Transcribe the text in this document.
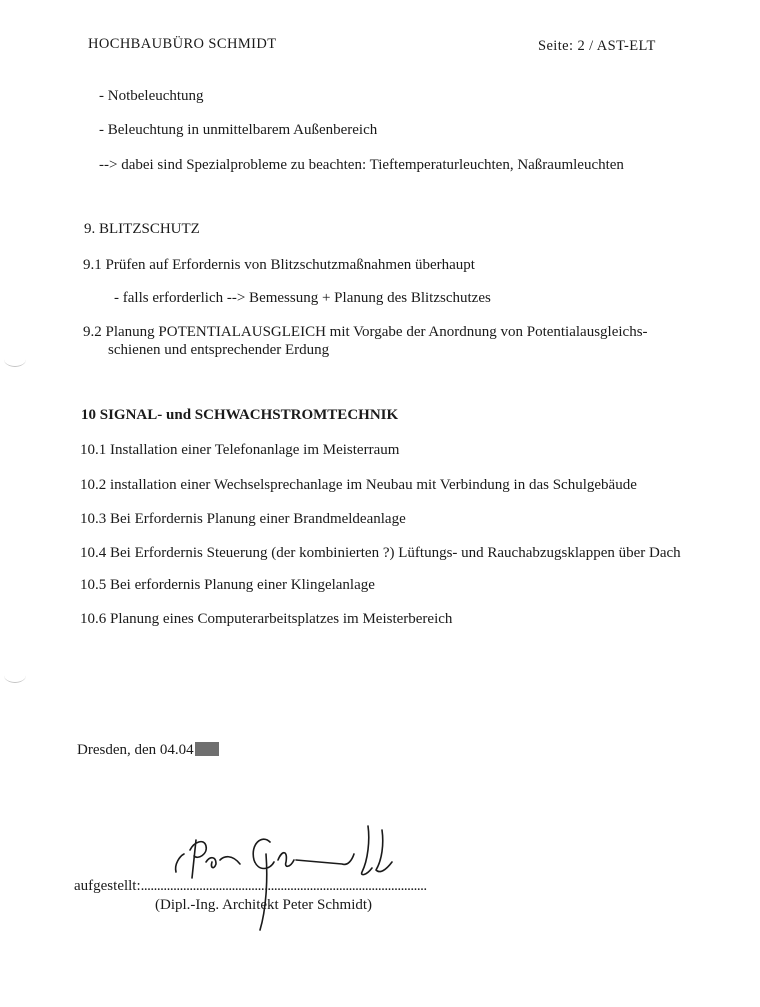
HOCHBAUBÜRO SCHMIDT	Seite: 2 / AST-ELT
- Notbeleuchtung
- Beleuchtung in unmittelbarem Außenbereich
--> dabei sind Spezialprobleme zu beachten: Tieftemperaturleuchten, Naßraumleuchten
9. BLITZSCHUTZ
9.1 Prüfen auf Erfordernis von Blitzschutzmaßnahmen überhaupt
- falls erforderlich --> Bemessung + Planung des Blitzschutzes
9.2 Planung POTENTIALAUSGLEICH mit Vorgabe der Anordnung von Potentialausgleichs-
schienen und entsprechender Erdung
10 SIGNAL- und SCHWACHSTROMTECHNIK
10.1 Installation einer Telefonanlage im Meisterraum
10.2 installation einer Wechselsprechanlage im Neubau mit Verbindung in das Schulgebäude
10.3 Bei Erfordernis Planung einer Brandmeldeanlage
10.4 Bei Erfordernis Steuerung (der kombinierten ?) Lüftungs- und Rauchabzugsklappen über Dach
10.5 Bei erfordernis Planung einer Klingelanlage
10.6 Planung eines Computerarbeitsplatzes im Meisterbereich
Dresden, den 04.04
aufgestellt:........................................................................................
(Dipl.-Ing. Architekt Peter Schmidt)
